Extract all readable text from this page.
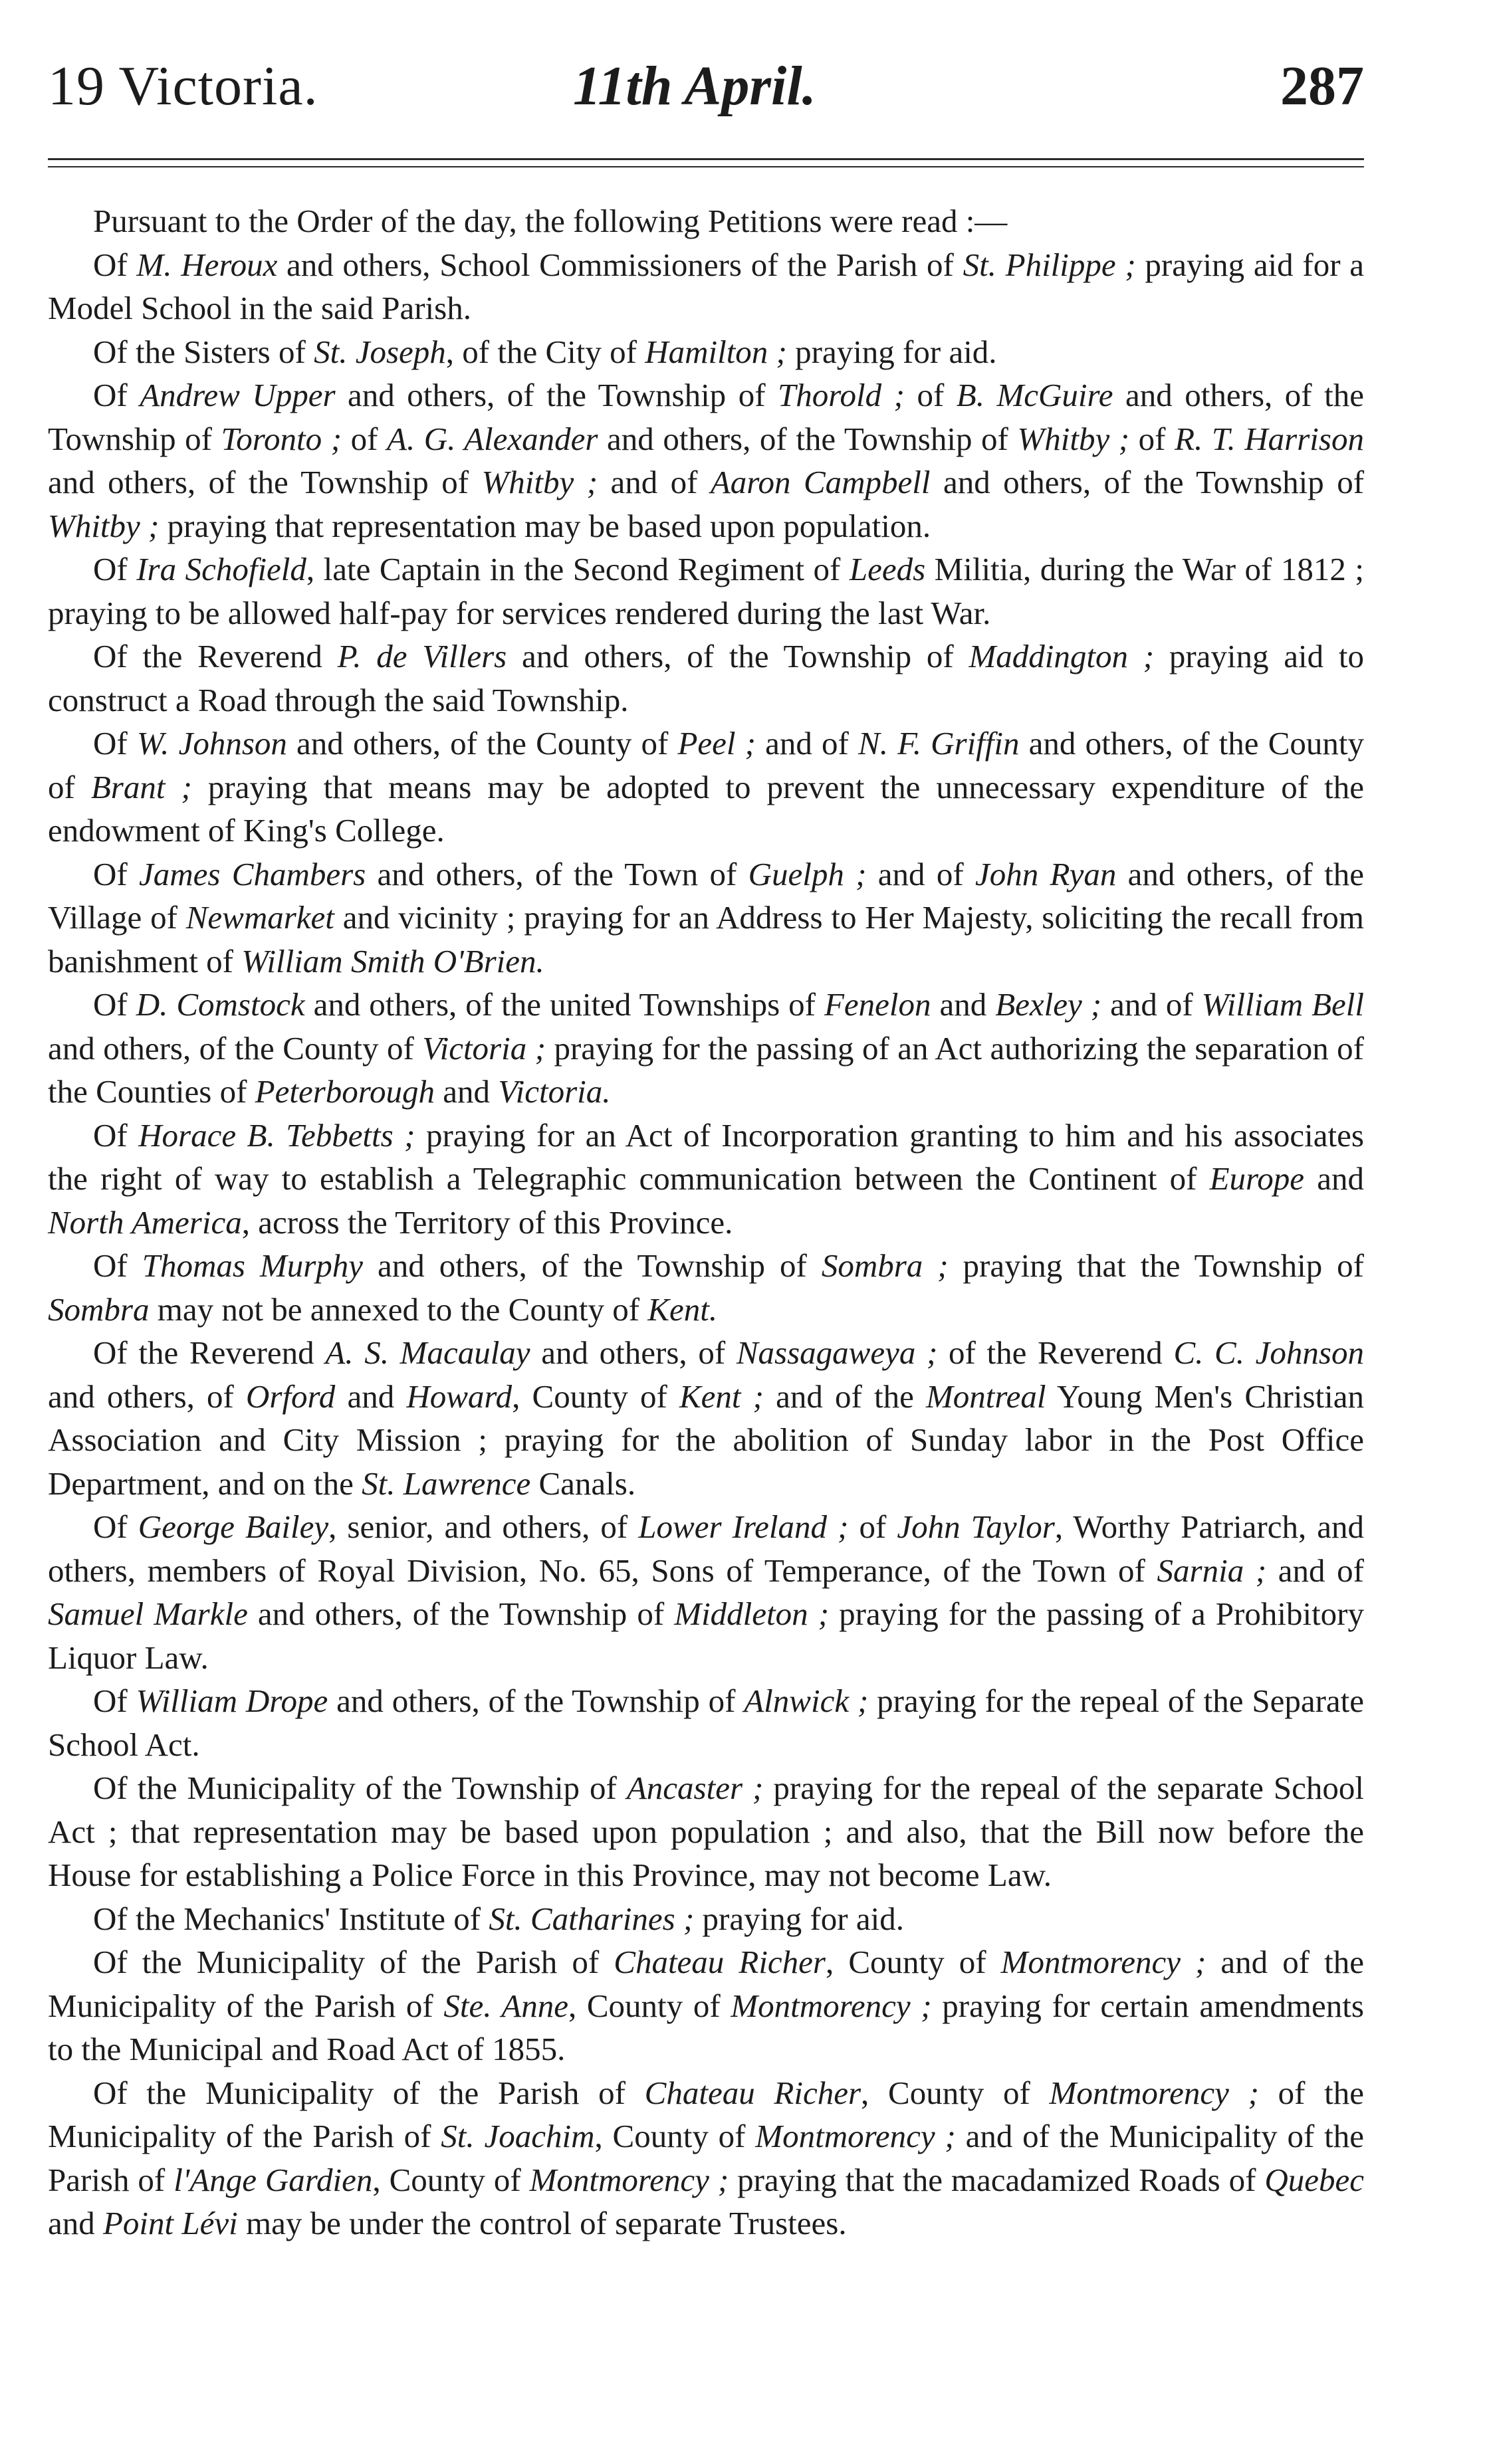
19 Victoria.	11th April.	287

Pursuant to the Order of the day, the following Petitions were read :—

Of M. Heroux and others, School Commissioners of the Parish of St. Philippe ; praying aid for a Model School in the said Parish.

Of the Sisters of St. Joseph, of the City of Hamilton ; praying for aid.

Of Andrew Upper and others, of the Township of Thorold ; of B. McGuire and others, of the Township of Toronto ; of A. G. Alexander and others, of the Township of Whitby ; of R. T. Harrison and others, of the Township of Whitby ; and of Aaron Campbell and others, of the Township of Whitby ; praying that representation may be based upon population.

Of Ira Schofield, late Captain in the Second Regiment of Leeds Militia, during the War of 1812 ; praying to be allowed half-pay for services rendered during the last War.

Of the Reverend P. de Villers and others, of the Township of Maddington ; praying aid to construct a Road through the said Township.

Of W. Johnson and others, of the County of Peel ; and of N. F. Griffin and others, of the County of Brant ; praying that means may be adopted to prevent the unnecessary expenditure of the endowment of King's College.

Of James Chambers and others, of the Town of Guelph ; and of John Ryan and others, of the Village of Newmarket and vicinity ; praying for an Address to Her Majesty, soliciting the recall from banishment of William Smith O'Brien.

Of D. Comstock and others, of the united Townships of Fenelon and Bexley ; and of William Bell and others, of the County of Victoria ; praying for the passing of an Act authorizing the separation of the Counties of Peterborough and Victoria.

Of Horace B. Tebbetts ; praying for an Act of Incorporation granting to him and his associates the right of way to establish a Telegraphic communication between the Continent of Europe and North America, across the Territory of this Province.

Of Thomas Murphy and others, of the Township of Sombra ; praying that the Township of Sombra may not be annexed to the County of Kent.

Of the Reverend A. S. Macaulay and others, of Nassagaweya ; of the Reverend C. C. Johnson and others, of Orford and Howard, County of Kent ; and of the Montreal Young Men's Christian Association and City Mission ; praying for the abolition of Sunday labor in the Post Office Department, and on the St. Lawrence Canals.

Of George Bailey, senior, and others, of Lower Ireland ; of John Taylor, Worthy Patriarch, and others, members of Royal Division, No. 65, Sons of Temperance, of the Town of Sarnia ; and of Samuel Markle and others, of the Township of Middleton ; praying for the passing of a Prohibitory Liquor Law.

Of William Drope and others, of the Township of Alnwick ; praying for the repeal of the Separate School Act.

Of the Municipality of the Township of Ancaster ; praying for the repeal of the separate School Act ; that representation may be based upon population ; and also, that the Bill now before the House for establishing a Police Force in this Province, may not become Law.

Of the Mechanics' Institute of St. Catharines ; praying for aid.

Of the Municipality of the Parish of Chateau Richer, County of Montmorency ; and of the Municipality of the Parish of Ste. Anne, County of Montmorency ; praying for certain amendments to the Municipal and Road Act of 1855.

Of the Municipality of the Parish of Chateau Richer, County of Montmorency ; of the Municipality of the Parish of St. Joachim, County of Montmorency ; and of the Municipality of the Parish of l'Ange Gardien, County of Montmorency ; praying that the macadamized Roads of Quebec and Point Lévi may be under the control of separate Trustees.
